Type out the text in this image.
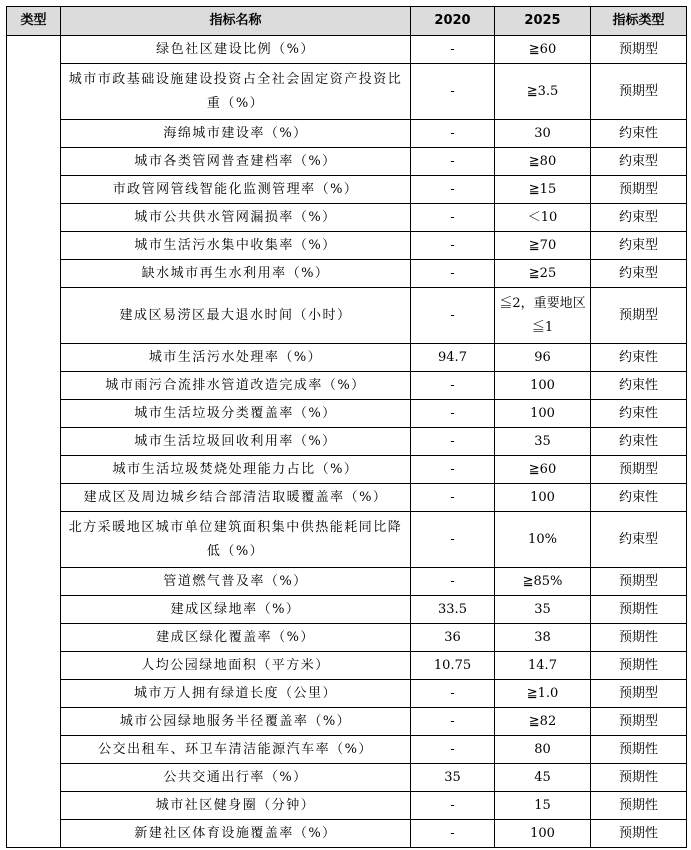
类型	指标名称	2020	2025	指标类型
	绿色社区建设比例（%）	-	≧60	预期型
	城市市政基础设施建设投资占全社会固定资产投资比重（%）	-	≧3.5	预期型
	海绵城市建设率（%）	-	30	约束性
	城市各类管网普查建档率（%）	-	≧80	约束型
	市政管网管线智能化监测管理率（%）	-	≧15	预期型
	城市公共供水管网漏损率（%）	-	＜10	约束型
	城市生活污水集中收集率（%）	-	≧70	约束型
	缺水城市再生水利用率（%）	-	≧25	约束型
	建成区易涝区最大退水时间（小时）	-	≦2，重要地区≦1	预期型
	城市生活污水处理率（%）	94.7	96	约束性
	城市雨污合流排水管道改造完成率（%）	-	100	约束性
	城市生活垃圾分类覆盖率（%）	-	100	约束性
	城市生活垃圾回收利用率（%）	-	35	约束性
	城市生活垃圾焚烧处理能力占比（%）	-	≧60	预期型
	建成区及周边城乡结合部清洁取暖覆盖率（%）	-	100	约束性
	北方采暖地区城市单位建筑面积集中供热能耗同比降低（%）	-	10%	约束型
	管道燃气普及率（%）	-	≧85%	预期型
	建成区绿地率（%）	33.5	35	预期性
	建成区绿化覆盖率（%）	36	38	预期性
	人均公园绿地面积（平方米）	10.75	14.7	预期性
	城市万人拥有绿道长度（公里）	-	≧1.0	预期型
	城市公园绿地服务半径覆盖率（%）	-	≧82	预期型
	公交出租车、环卫车清洁能源汽车率（%）	-	80	预期性
	公共交通出行率（%）	35	45	预期性
	城市社区健身圈（分钟）	-	15	预期性
	新建社区体育设施覆盖率（%）	-	100	预期性
